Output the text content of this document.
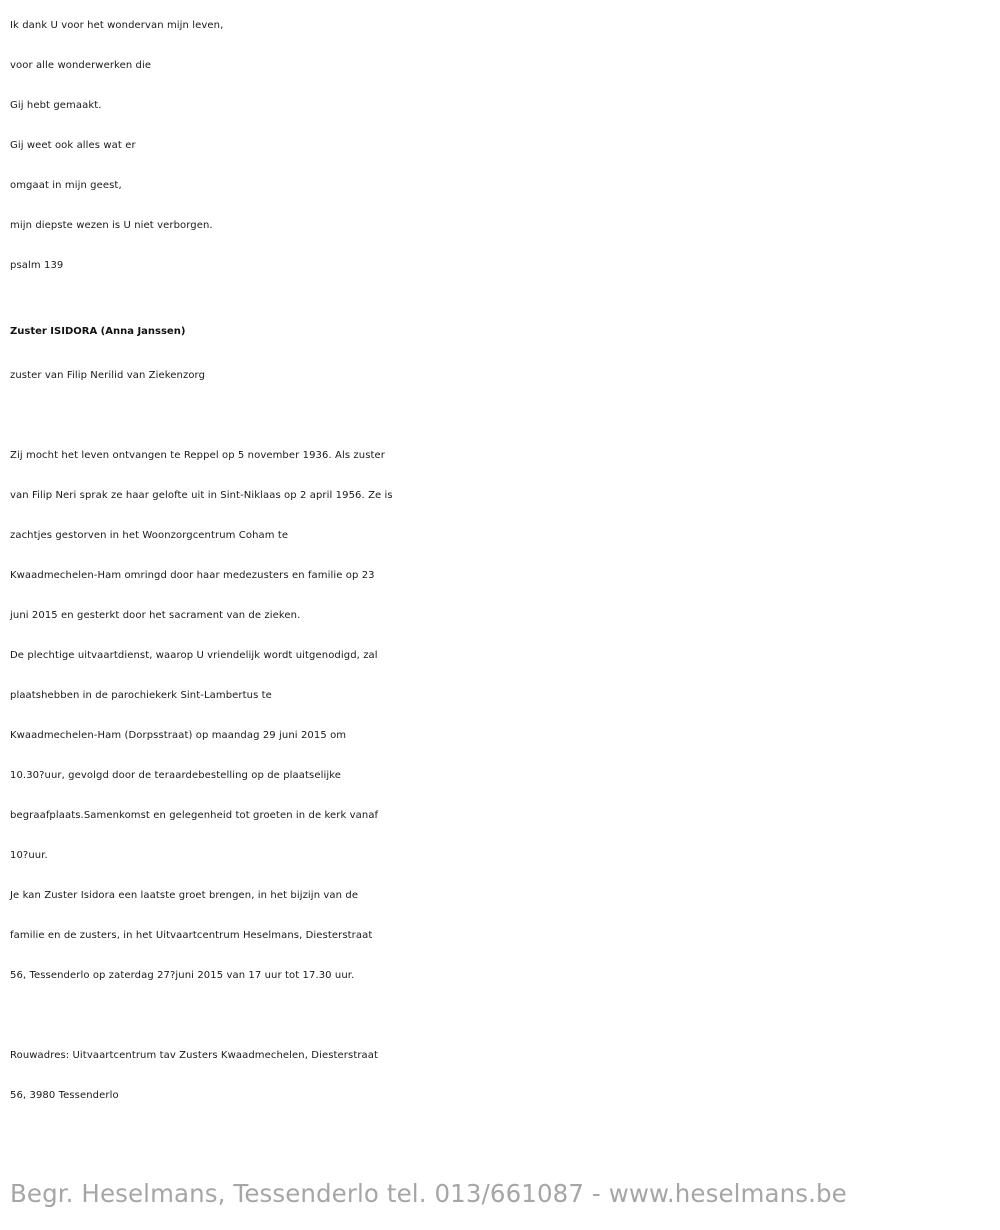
Ik dank U voor het wondervan mijn leven,
voor alle wonderwerken die
Gij hebt gemaakt.
Gij weet ook alles wat er
omgaat in mijn geest,
mijn diepste wezen is U niet verborgen.
psalm 139
Zuster ISIDORA (Anna Janssen)
zuster van Filip Nerilid van Ziekenzorg
Zij mocht het leven ontvangen te Reppel op 5 november 1936. Als zuster
van Filip Neri sprak ze haar gelofte uit in Sint-Niklaas op 2 april 1956. Ze is
zachtjes gestorven in het Woonzorgcentrum Coham te
Kwaadmechelen-Ham omringd door haar medezusters en familie op 23
juni 2015 en gesterkt door het sacrament van de zieken.
De plechtige uitvaartdienst, waarop U vriendelijk wordt uitgenodigd, zal
plaatshebben in de parochiekerk Sint-Lambertus te
Kwaadmechelen-Ham (Dorpsstraat) op maandag 29 juni 2015 om
10.30?uur, gevolgd door de teraardebestelling op de plaatselijke
begraafplaats.Samenkomst en gelegenheid tot groeten in de kerk vanaf
10?uur.
Je kan Zuster Isidora een laatste groet brengen, in het bijzijn van de
familie en de zusters, in het Uitvaartcentrum Heselmans, Diesterstraat
56, Tessenderlo op zaterdag 27?juni 2015 van 17 uur tot 17.30 uur.
Rouwadres: Uitvaartcentrum tav Zusters Kwaadmechelen, Diesterstraat
56, 3980 Tessenderlo
Begr. Heselmans, Tessenderlo tel. 013/661087 - www.heselmans.be
